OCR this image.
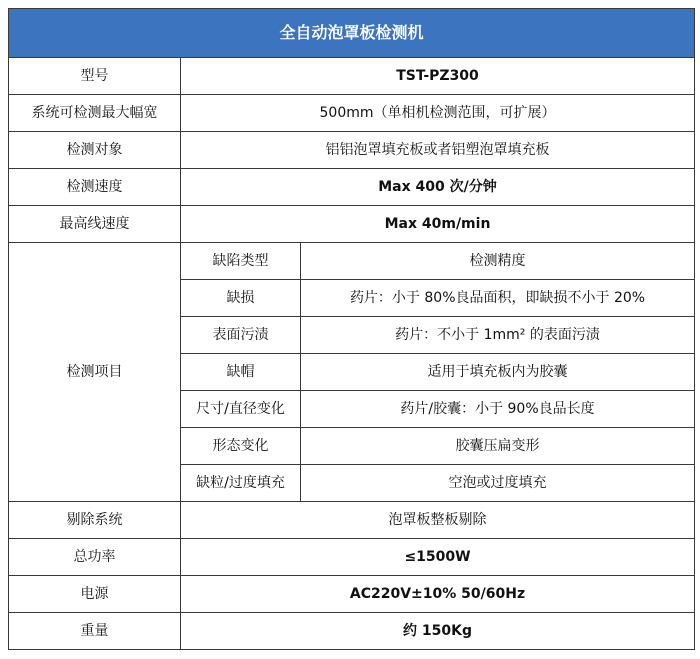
全自动泡罩板检测机		
型号	TST-PZ300	
系统可检测最大幅宽	500mm（单相机检测范围，可扩展）	
检测对象	铝铝泡罩填充板或者铝塑泡罩填充板	
检测速度	Max 400 次/分钟	
最高线速度	Max 40m/min	
检测项目	缺陷类型	检测精度
	缺损	药片：小于 80%良品面积，即缺损不小于 20%
	表面污渍	药片：不小于 1mm² 的表面污渍
	缺帽	适用于填充板内为胶囊
	尺寸/直径变化	药片/胶囊：小于 90%良品长度
	形态变化	胶囊压扁变形
	缺粒/过度填充	空泡或过度填充
剔除系统	泡罩板整板剔除	
总功率	≤1500W	
电源	AC220V±10% 50/60Hz	
重量	约 150Kg	
